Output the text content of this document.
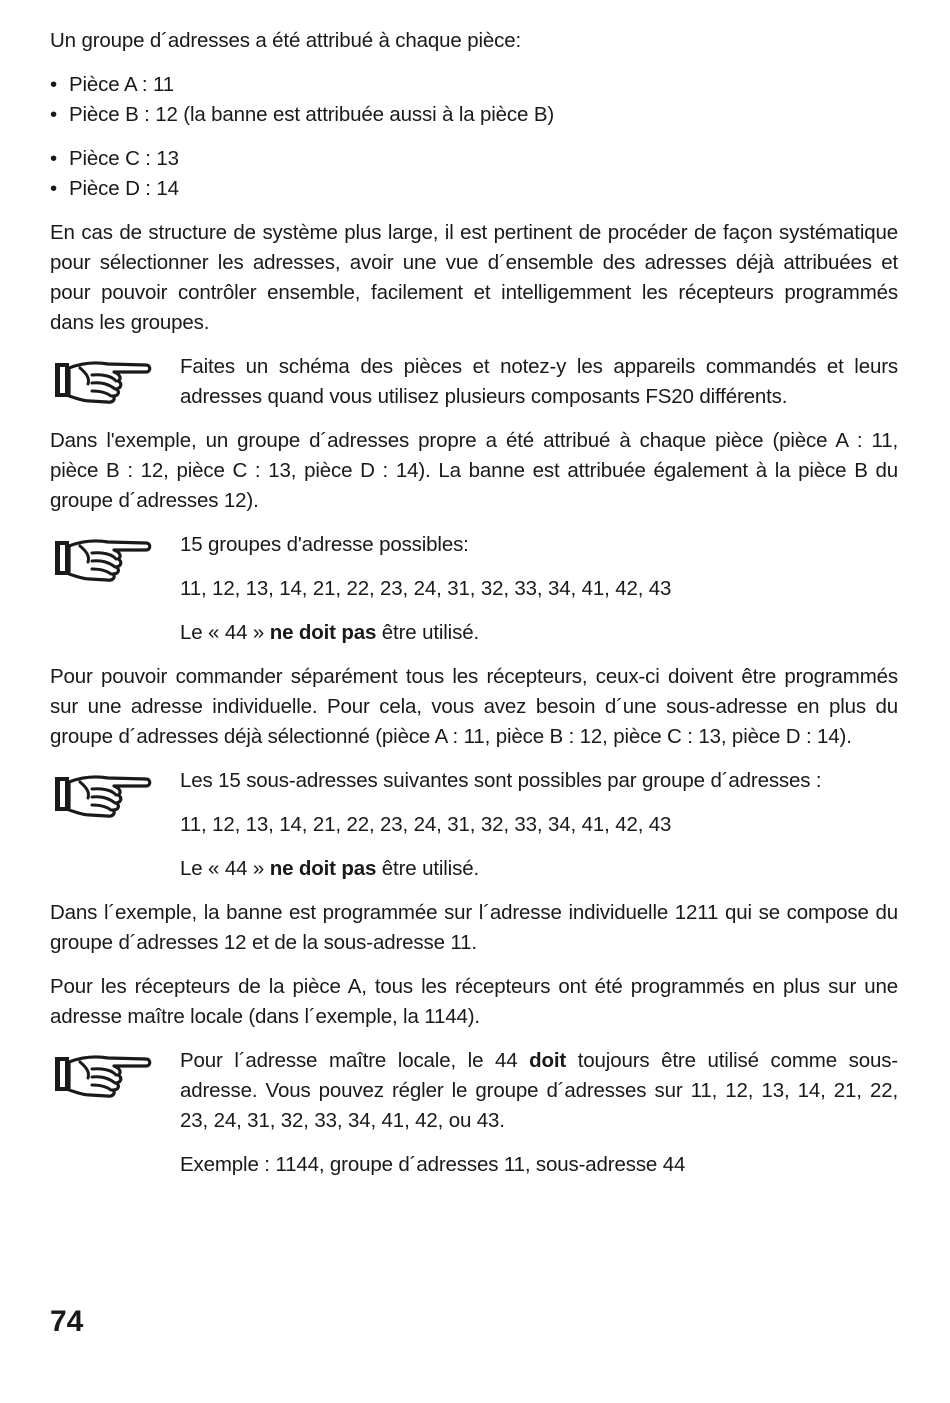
Un groupe d´adresses a été attribué à chaque pièce:

• Pièce A : 11
• Pièce B : 12 (la banne est attribuée aussi à la pièce B)
• Pièce C : 13
• Pièce D : 14

En cas de structure de système plus large, il est pertinent de procéder de façon systématique pour sélectionner les adresses, avoir une vue d´ensemble des adresses déjà attribuées et pour pouvoir contrôler ensemble, facilement et intelligemment les récepteurs programmés dans les groupes.

Faites un schéma des pièces et notez-y les appareils commandés et leurs adresses quand vous utilisez plusieurs composants FS20 différents.

Dans l'exemple, un groupe d´adresses propre a été attribué à chaque pièce (pièce A : 11, pièce B : 12, pièce C : 13, pièce D : 14). La banne est attribuée également à la pièce B du groupe d´adresses 12).

15 groupes d'adresse possibles:

11, 12, 13, 14, 21, 22, 23, 24, 31, 32, 33, 34, 41, 42, 43

Le « 44 » ne doit pas être utilisé.

Pour pouvoir commander séparément tous les récepteurs, ceux-ci doivent être programmés sur une adresse individuelle. Pour cela, vous avez besoin d´une sous-adresse en plus du groupe d´adresses déjà sélectionné (pièce A : 11, pièce B : 12, pièce C : 13, pièce D : 14).

Les 15 sous-adresses suivantes sont possibles par groupe d´adresses :

11, 12, 13, 14, 21, 22, 23, 24, 31, 32, 33, 34, 41, 42, 43

Le « 44 » ne doit pas être utilisé.

Dans l´exemple, la banne est programmée sur l´adresse individuelle 1211 qui se compose du groupe d´adresses 12 et de la sous-adresse 11.

Pour les récepteurs de la pièce A, tous les récepteurs ont été programmés en plus sur une adresse maître locale (dans l´exemple, la 1144).

Pour l´adresse maître locale, le 44 doit toujours être utilisé comme sous-adresse. Vous pouvez régler le groupe d´adresses sur 11, 12, 13, 14, 21, 22, 23, 24, 31, 32, 33, 34, 41, 42, ou 43.

Exemple : 1144, groupe d´adresses 11, sous-adresse 44

74
